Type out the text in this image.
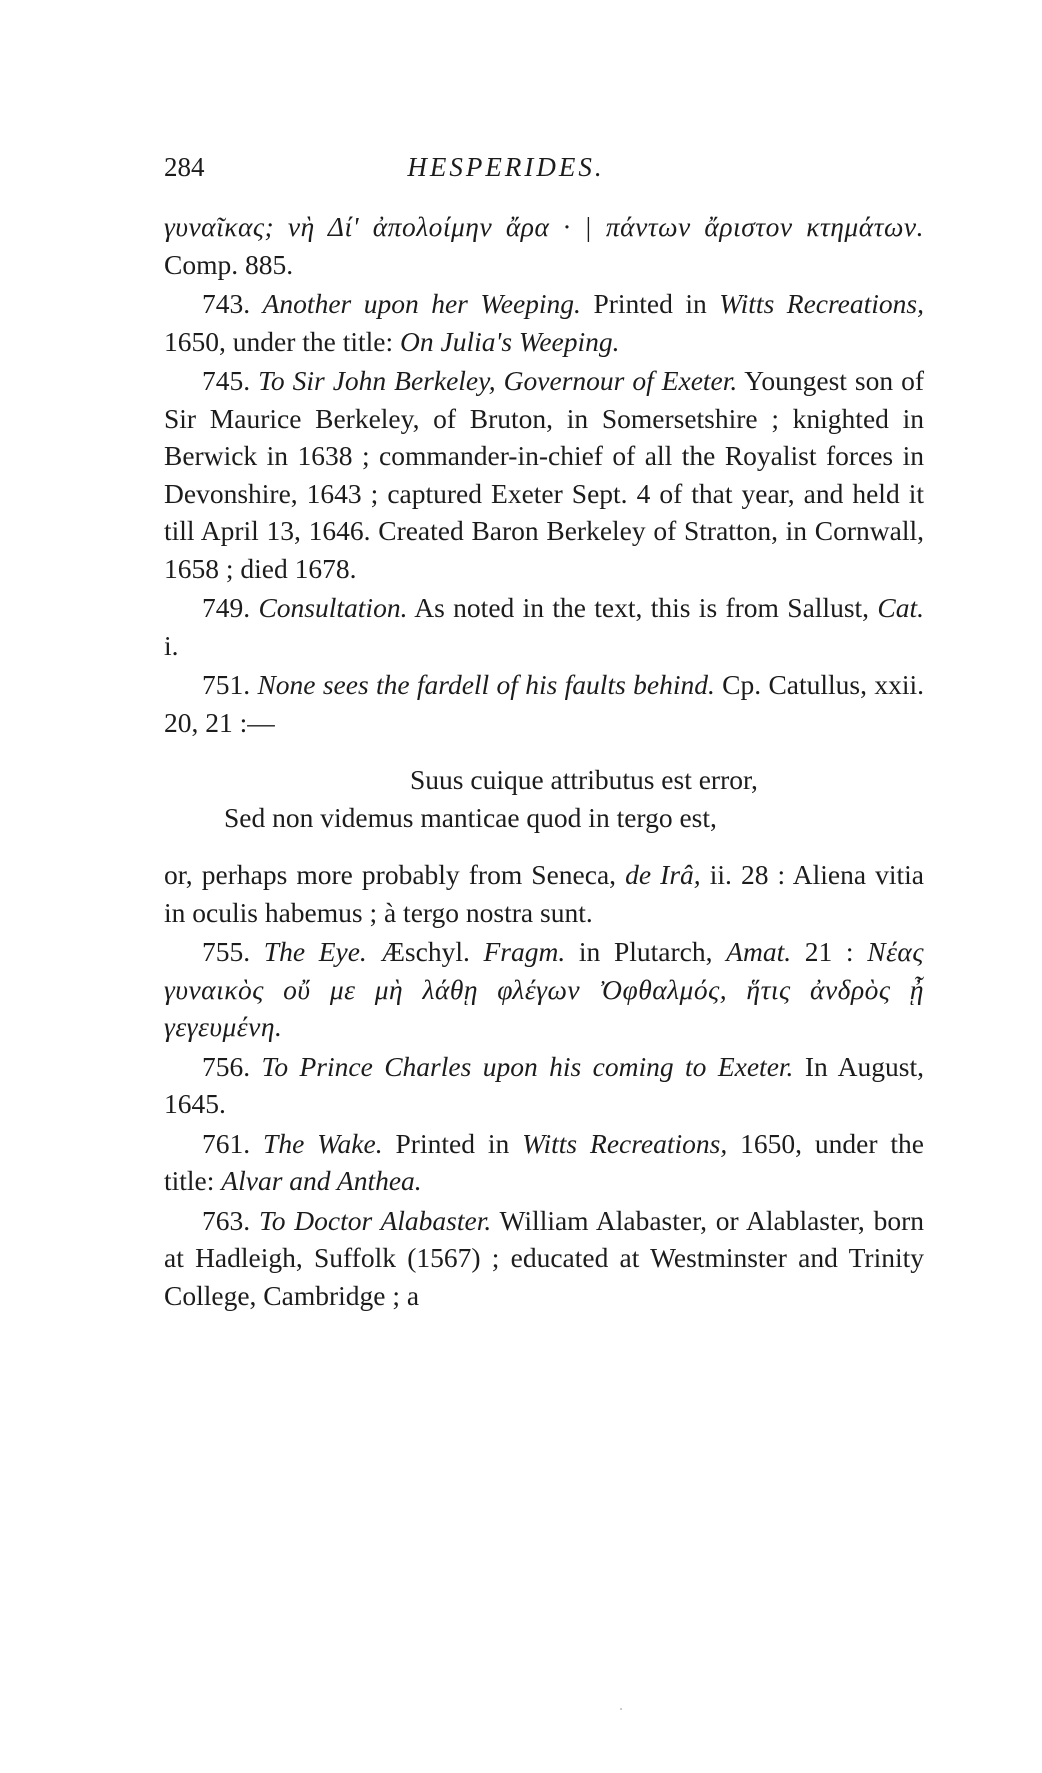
284	HESPERIDES.

γυναῖκας; νὴ Δί' ἀπολοίμην ἄρα · | πάντων ἄριστον κτημάτων. Comp. 885.

743. Another upon her Weeping. Printed in Witts Recreations, 1650, under the title: On Julia's Weeping.

745. To Sir John Berkeley, Governour of Exeter. Youngest son of Sir Maurice Berkeley, of Bruton, in Somersetshire ; knighted in Berwick in 1638 ; commander-in-chief of all the Royalist forces in Devonshire, 1643 ; captured Exeter Sept. 4 of that year, and held it till April 13, 1646. Created Baron Berkeley of Stratton, in Cornwall, 1658 ; died 1678.

749. Consultation. As noted in the text, this is from Sallust, Cat. i.

751. None sees the fardell of his faults behind. Cp. Catullus, xxii. 20, 21 :—

Suus cuique attributus est error,
Sed non videmus manticae quod in tergo est,

or, perhaps more probably from Seneca, de Irâ, ii. 28 : Aliena vitia in oculis habemus ; à tergo nostra sunt.

755. The Eye. Æschyl. Fragm. in Plutarch, Amat. 21 : Νέας γυναικὸς οὔ με μὴ λάθῃ φλέγων Ὀφθαλμός, ἥτις ἀνδρὸς ᾖ γεγευμένη.

756. To Prince Charles upon his coming to Exeter. In August, 1645.

761. The Wake. Printed in Witts Recreations, 1650, under the title: Alvar and Anthea.

763. To Doctor Alabaster. William Alabaster, or Alablaster, born at Hadleigh, Suffolk (1567) ; educated at Westminster and Trinity College, Cambridge ; a
